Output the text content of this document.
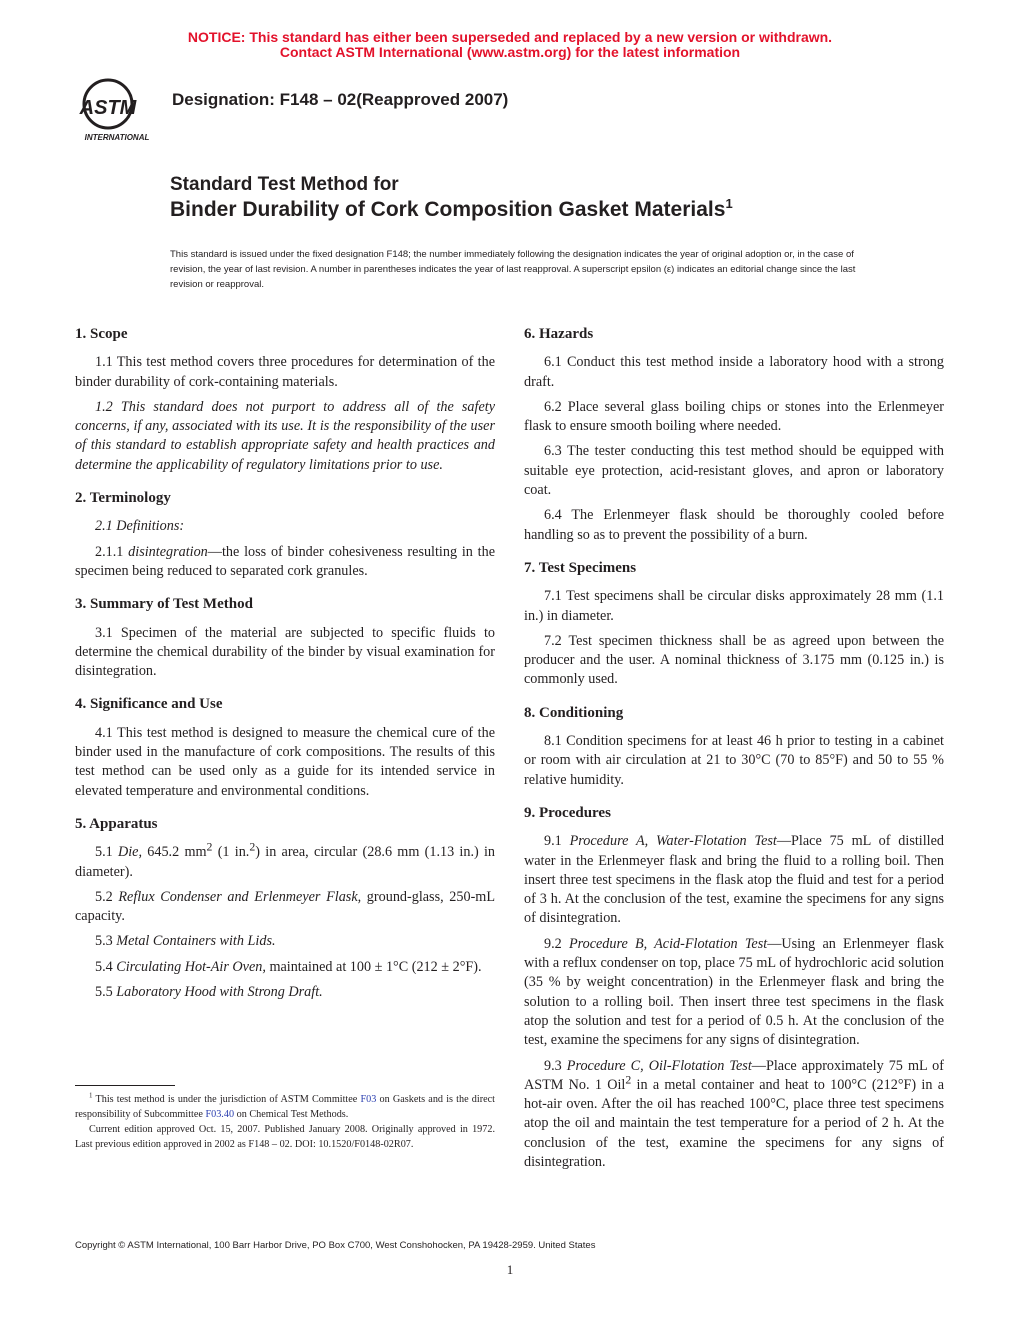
NOTICE: This standard has either been superseded and replaced by a new version or withdrawn.
Contact ASTM International (www.astm.org) for the latest information
ASTM
INTERNATIONAL
Designation: F148 – 02(Reapproved 2007)
Standard Test Method for
Binder Durability of Cork Composition Gasket Materials$^1$
This standard is issued under the fixed designation F148; the number immediately following the designation indicates the year of original adoption or, in the case of revision, the year of last revision. A number in parentheses indicates the year of last reapproval. A superscript epsilon (ε) indicates an editorial change since the last revision or reapproval.
1. Scope

1.1 This test method covers three procedures for determination of the binder durability of cork-containing materials.

1.2 This standard does not purport to address all of the safety concerns, if any, associated with its use. It is the responsibility of the user of this standard to establish appropriate safety and health practices and determine the applicability of regulatory limitations prior to use.

2. Terminology

2.1 Definitions:

2.1.1 disintegration—the loss of binder cohesiveness resulting in the specimen being reduced to separated cork granules.

3. Summary of Test Method

3.1 Specimen of the material are subjected to specific fluids to determine the chemical durability of the binder by visual examination for disintegration.

4. Significance and Use

4.1 This test method is designed to measure the chemical cure of the binder used in the manufacture of cork compositions. The results of this test method can be used only as a guide for its intended service in elevated temperature and environmental conditions.

5. Apparatus

5.1 Die, 645.2 $mm^2$ (1 in.$^2$) in area, circular (28.6 mm (1.13 in.) in diameter).

5.2 Reflux Condenser and Erlenmeyer Flask, ground-glass, 250-mL capacity.

5.3 Metal Containers with Lids.

5.4 Circulating Hot-Air Oven, maintained at 100 ± 1°C (212 ± 2°F).

5.5 Laboratory Hood with Strong Draft.

6. Hazards

6.1 Conduct this test method inside a laboratory hood with a strong draft.

6.2 Place several glass boiling chips or stones into the Erlenmeyer flask to ensure smooth boiling where needed.

6.3 The tester conducting this test method should be equipped with suitable eye protection, acid-resistant gloves, and apron or laboratory coat.

6.4 The Erlenmeyer flask should be thoroughly cooled before handling so as to prevent the possibility of a burn.

7. Test Specimens

7.1 Test specimens shall be circular disks approximately 28 mm (1.1 in.) in diameter.

7.2 Test specimen thickness shall be as agreed upon between the producer and the user. A nominal thickness of 3.175 mm (0.125 in.) is commonly used.

8. Conditioning

8.1 Condition specimens for at least 46 h prior to testing in a cabinet or room with air circulation at 21 to 30°C (70 to 85°F) and 50 to 55 % relative humidity.

9. Procedures

9.1 Procedure A, Water-Flotation Test—Place 75 mL of distilled water in the Erlenmeyer flask and bring the fluid to a rolling boil. Then insert three test specimens in the flask atop the fluid and test for a period of 3 h. At the conclusion of the test, examine the specimens for any signs of disintegration.

9.2 Procedure B, Acid-Flotation Test—Using an Erlenmeyer flask with a reflux condenser on top, place 75 mL of hydrochloric acid solution (35 % by weight concentration) in the Erlenmeyer flask and bring the solution to a rolling boil. Then insert three test specimens in the flask atop the solution and test for a period of 0.5 h. At the conclusion of the test, examine the specimens for any signs of disintegration.

9.3 Procedure C, Oil-Flotation Test—Place approximately 75 mL of ASTM No. 1 Oil$^2$ in a metal container and heat to 100°C (212°F) in a hot-air oven. After the oil has reached 100°C, place three test specimens atop the oil and maintain the test temperature for a period of 2 h. At the conclusion of the test, examine the specimens for any signs of disintegration.

$^1$ This test method is under the jurisdiction of ASTM Committee F03 on Gaskets and is the direct responsibility of Subcommittee F03.40 on Chemical Test Methods.

Current edition approved Oct. 15, 2007. Published January 2008. Originally approved in 1972. Last previous edition approved in 2002 as F148 – 02. DOI: 10.1520/F0148-02R07.

Copyright © ASTM International, 100 Barr Harbor Drive, PO Box C700, West Conshohocken, PA 19428-2959. United States
1
